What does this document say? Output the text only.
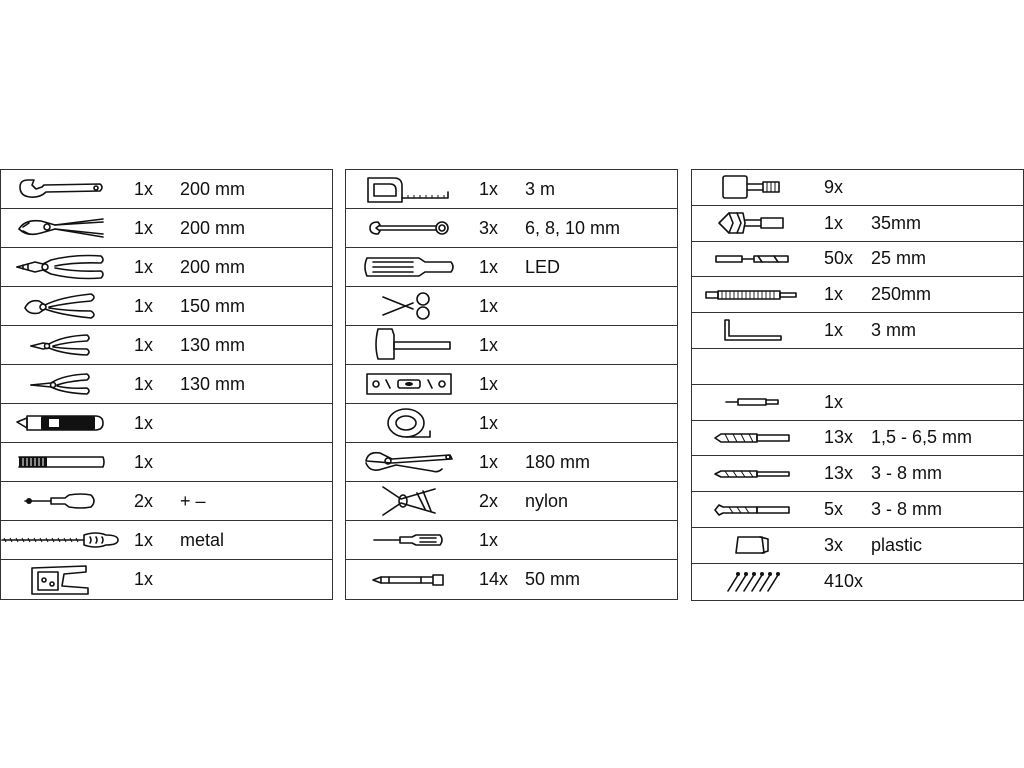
1x 200 mm
1x 200 mm
1x 200 mm
1x 150 mm
1x 130 mm
1x 130 mm
1x
1x
2x + –
1x metal
1x
1x 3 m
3x 6, 8, 10 mm
1x LED
1x
1x
1x
1x
1x 180 mm
2x nylon
1x
14x 50 mm
9x
1x 35mm
50x 25 mm
1x 250mm
1x 3 mm
1x
13x 1,5 - 6,5 mm
13x 3 - 8 mm
5x 3 - 8 mm
3x plastic
410x
